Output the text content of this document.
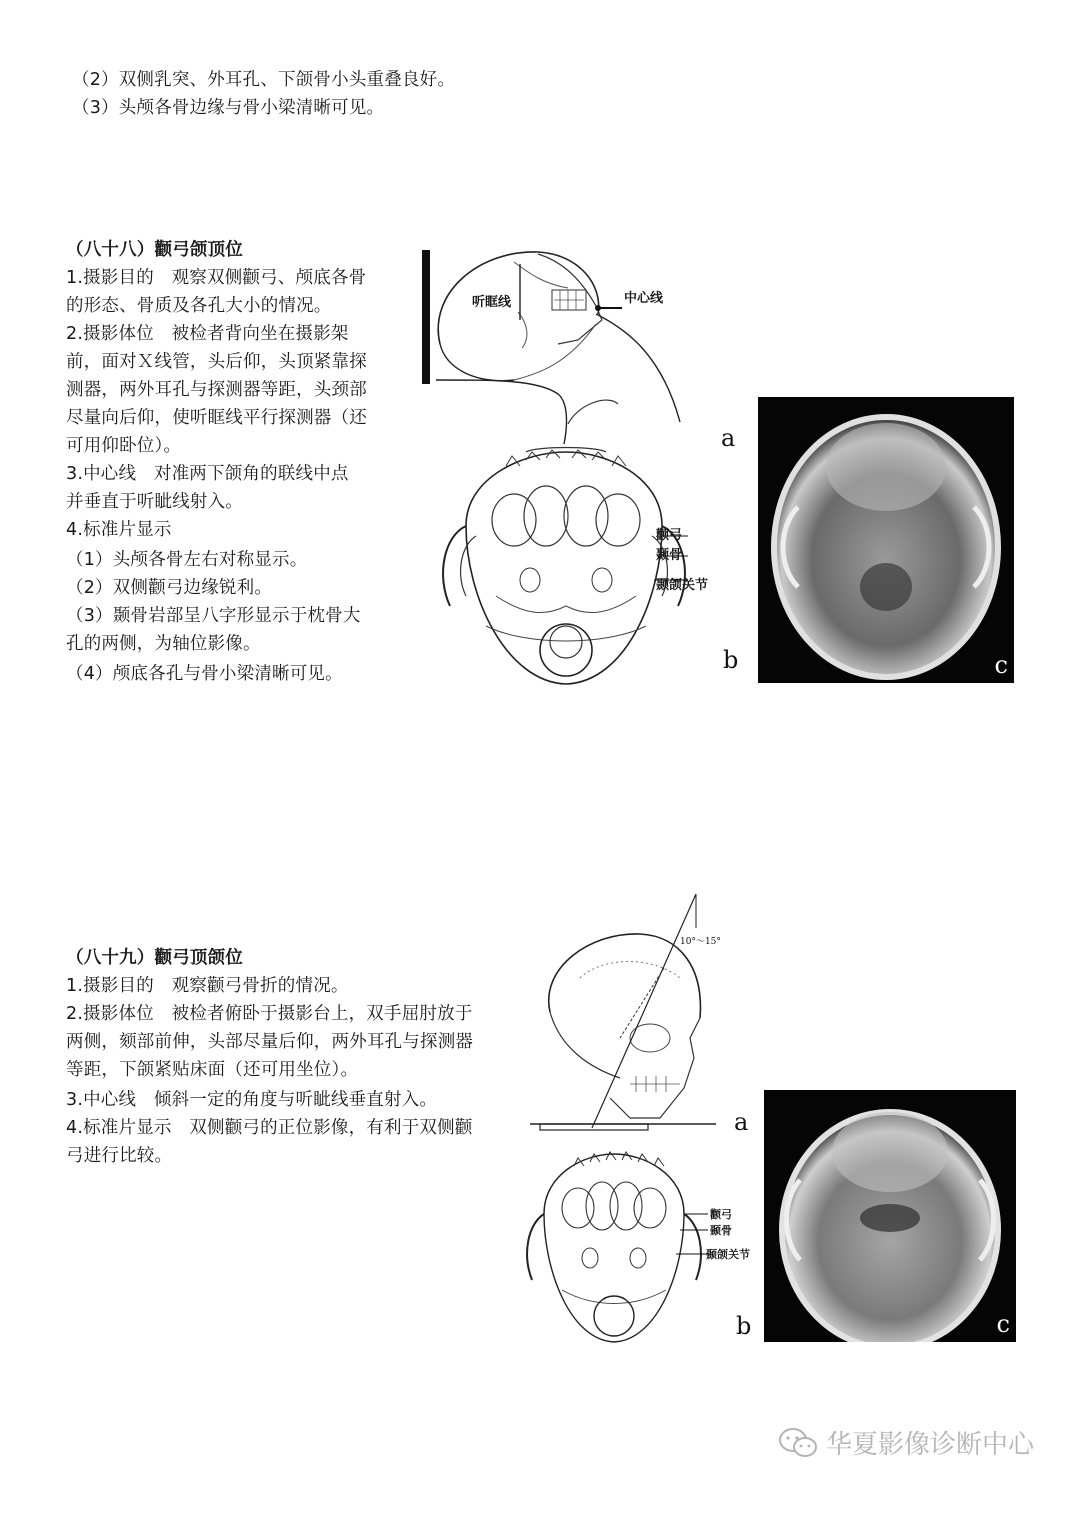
（2）双侧乳突、外耳孔、下颌骨小头重叠良好。
（3）头颅各骨边缘与骨小梁清晰可见。
（八十八）颧弓颌顶位
1.摄影目的　观察双侧颧弓、颅底各骨
的形态、骨质及各孔大小的情况。
2.摄影体位　被检者背向坐在摄影架
前，面对Ｘ线管，头后仰，头顶紧靠探
测器，两外耳孔与探测器等距，头颈部
尽量向后仰，使听眶线平行探测器（还
可用仰卧位）。
3.中心线　对准两下颌角的联线中点
并垂直于听眦线射入。
4.标准片显示
（1）头颅各骨左右对称显示。
（2）双侧颧弓边缘锐利。
（3）颞骨岩部呈八字形显示于枕骨大
孔的两侧，为轴位影像。
（4）颅底各孔与骨小梁清晰可见。
听眶线	中心线
a
颧弓
颞骨
颞颌关节
b	c
（八十九）颧弓顶颌位
1.摄影目的　观察颧弓骨折的情况。
2.摄影体位　被检者俯卧于摄影台上，双手屈肘放于
两侧，颏部前伸，头部尽量后仰，两外耳孔与探测器
等距，下颌紧贴床面（还可用坐位）。
3.中心线　倾斜一定的角度与听眦线垂直射入。
4.标准片显示　双侧颧弓的正位影像，有利于双侧颧
弓进行比较。
10°～15°
a
颧弓
颞骨
颞颌关节
b	c
华夏影像诊断中心
